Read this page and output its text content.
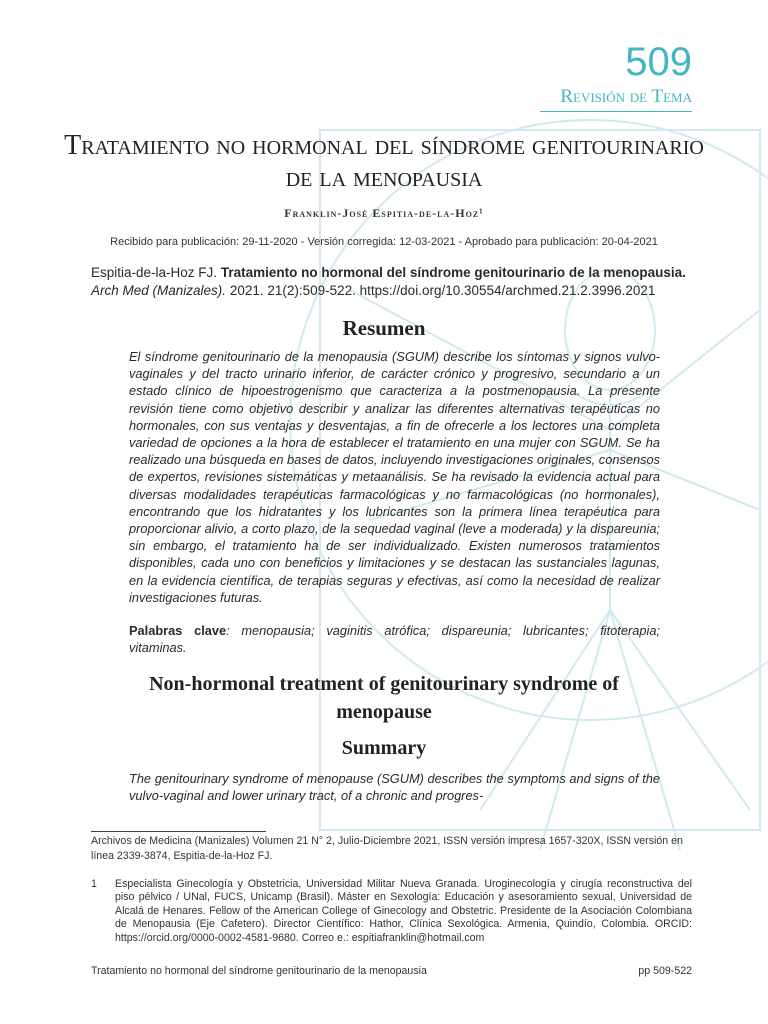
509
Revisión de Tema
Tratamiento no hormonal del síndrome genitourinario de la menopausia
Franklin-José Espitia-de-la-Hoz¹
Recibido para publicación: 29-11-2020 - Versión corregida: 12-03-2021 - Aprobado para publicación: 20-04-2021
Espitia-de-la-Hoz FJ. Tratamiento no hormonal del síndrome genitourinario de la menopausia. Arch Med (Manizales). 2021. 21(2):509-522. https://doi.org/10.30554/archmed.21.2.3996.2021
Resumen
El síndrome genitourinario de la menopausia (SGUM) describe los síntomas y signos vulvo-vaginales y del tracto urinario inferior, de carácter crónico y progresivo, secundario a un estado clínico de hipoestrogenismo que caracteriza a la postmenopausia. La presente revisión tiene como objetivo describir y analizar las diferentes alternativas terapéuticas no hormonales, con sus ventajas y desventajas, a fin de ofrecerle a los lectores una completa variedad de opciones a la hora de establecer el tratamiento en una mujer con SGUM. Se ha realizado una búsqueda en bases de datos, incluyendo investigaciones originales, consensos de expertos, revisiones sistemáticas y metaanálisis. Se ha revisado la evidencia actual para diversas modalidades terapéuticas farmacológicas y no farmacológicas (no hormonales), encontrando que los hidratantes y los lubricantes son la primera línea terapéutica para proporcionar alivio, a corto plazo, de la sequedad vaginal (leve a moderada) y la dispareunia; sin embargo, el tratamiento ha de ser individualizado. Existen numerosos tratamientos disponibles, cada uno con beneficios y limitaciones y se destacan las sustanciales lagunas, en la evidencia científica, de terapias seguras y efectivas, así como la necesidad de realizar investigaciones futuras.
Palabras clave: menopausia; vaginitis atrófica; dispareunia; lubricantes; fitoterapia; vitaminas.
Non-hormonal treatment of genitourinary syndrome of menopause
Summary
The genitourinary syndrome of menopause (SGUM) describes the symptoms and signs of the vulvo-vaginal and lower urinary tract, of a chronic and progres-
Archivos de Medicina (Manizales) Volumen 21 N° 2, Julio-Diciembre 2021, ISSN versión impresa 1657-320X, ISSN versión en línea 2339-3874, Espitia-de-la-Hoz FJ.
1	Especialista Ginecología y Obstetricia, Universidad Militar Nueva Granada. Uroginecología y cirugía reconstructiva del piso pélvico / UNal, FUCS, Unicamp (Brasil). Máster en Sexología: Educación y asesoramiento sexual, Universidad de Alcalá de Henares. Fellow of the American College of Ginecology and Obstetric. Presidente de la Asociación Colombiana de Menopausia (Eje Cafetero). Director Científico: Hathor, Clínica Sexológica. Armenia, Quindío, Colombia. ORCID: https://orcid.org/0000-0002-4581-9680. Correo e.: espitiafranklin@hotmail.com
Tratamiento no hormonal del síndrome genitourinario de la menopausia	pp 509-522
